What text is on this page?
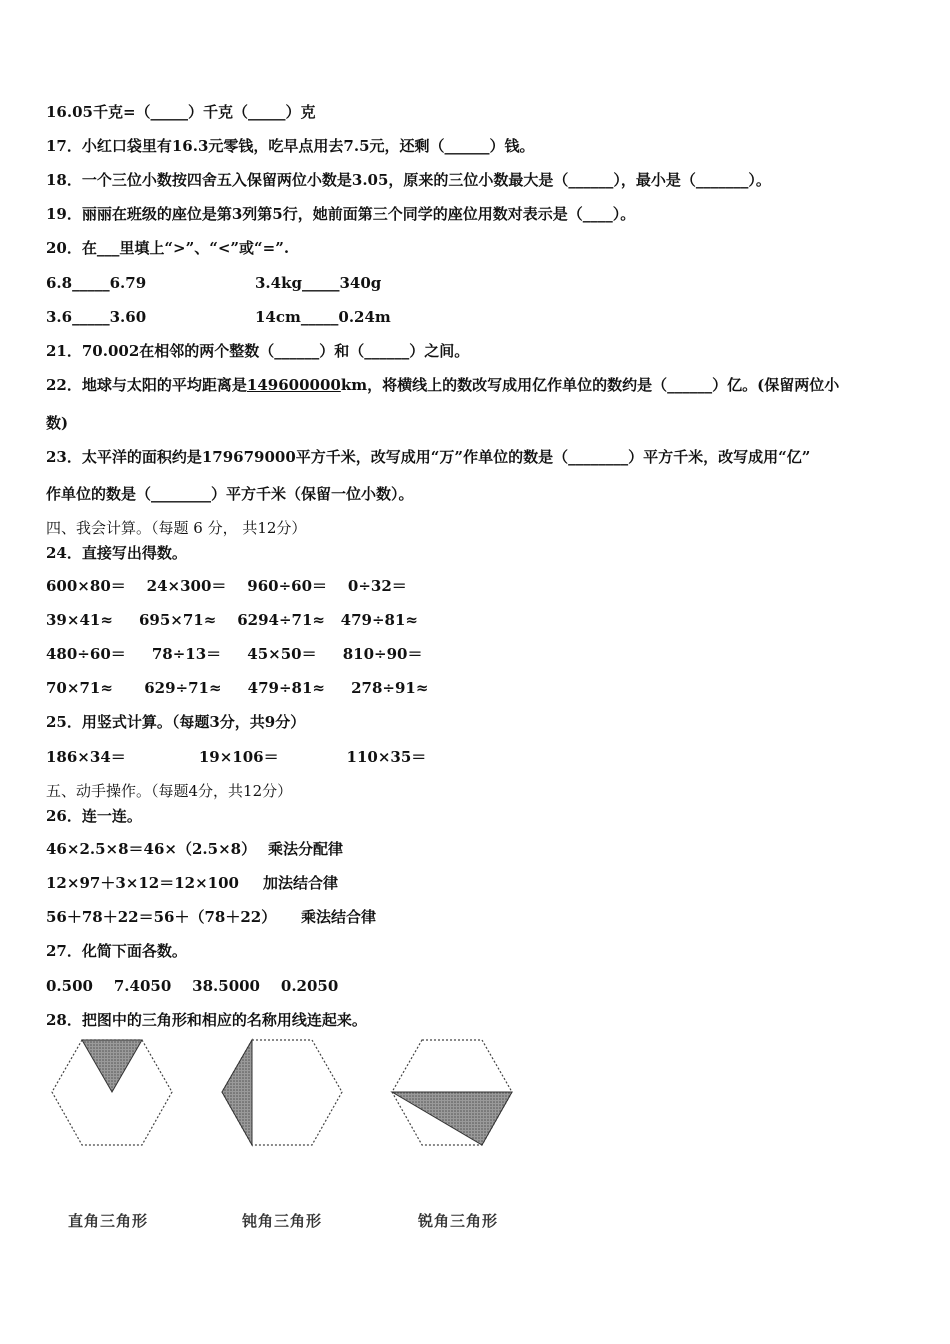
16.05千克=（_____）千克（_____）克
17．小红口袋里有16.3元零钱，吃早点用去7.5元，还剩（______）钱。
18．一个三位小数按四舍五入保留两位小数是3.05，原来的三位小数最大是（______），最小是（_______）。
19．丽丽在班级的座位是第3列第5行，她前面第三个同学的座位用数对表示是（____）。
20．在___里填上“>”、“<”或“=”.
6.8_____6.79	3.4kg_____340g
3.6_____3.60	14cm_____0.24m
21．70.002在相邻的两个整数（______）和（______）之间。
22．地球与太阳的平均距离是149600000km，将横线上的数改写成用亿作单位的数约是（______）亿。(保留两位小
数)
23．太平洋的面积约是179679000平方千米，改写成用“万”作单位的数是（________）平方千米，改写成用“亿”
作单位的数是（________）平方千米（保留一位小数）。
四、我会计算。（每题 6 分， 共12分）
24．直接写出得数。
600×80＝    24×300＝    960÷60＝    0÷32＝
39×41≈     695×71≈    6294÷71≈   479÷81≈
480÷60＝     78÷13＝     45×50＝     810÷90＝
70×71≈      629÷71≈     479÷81≈     278÷91≈
25．用竖式计算。（每题3分，共9分）
186×34＝              19×106＝             110×35＝
五、动手操作。（每题4分，共12分）
26．连一连。
46×2.5×8＝46×（2.5×8） 乘法分配律
12×97＋3×12＝12×100 加法结合律
56＋78＋22＝56＋（78＋22） 乘法结合律
27．化简下面各数。
0.500    7.4050    38.5000    0.2050
28．把图中的三角形和相应的名称用线连起来。
直角三角形	钝角三角形	锐角三角形
